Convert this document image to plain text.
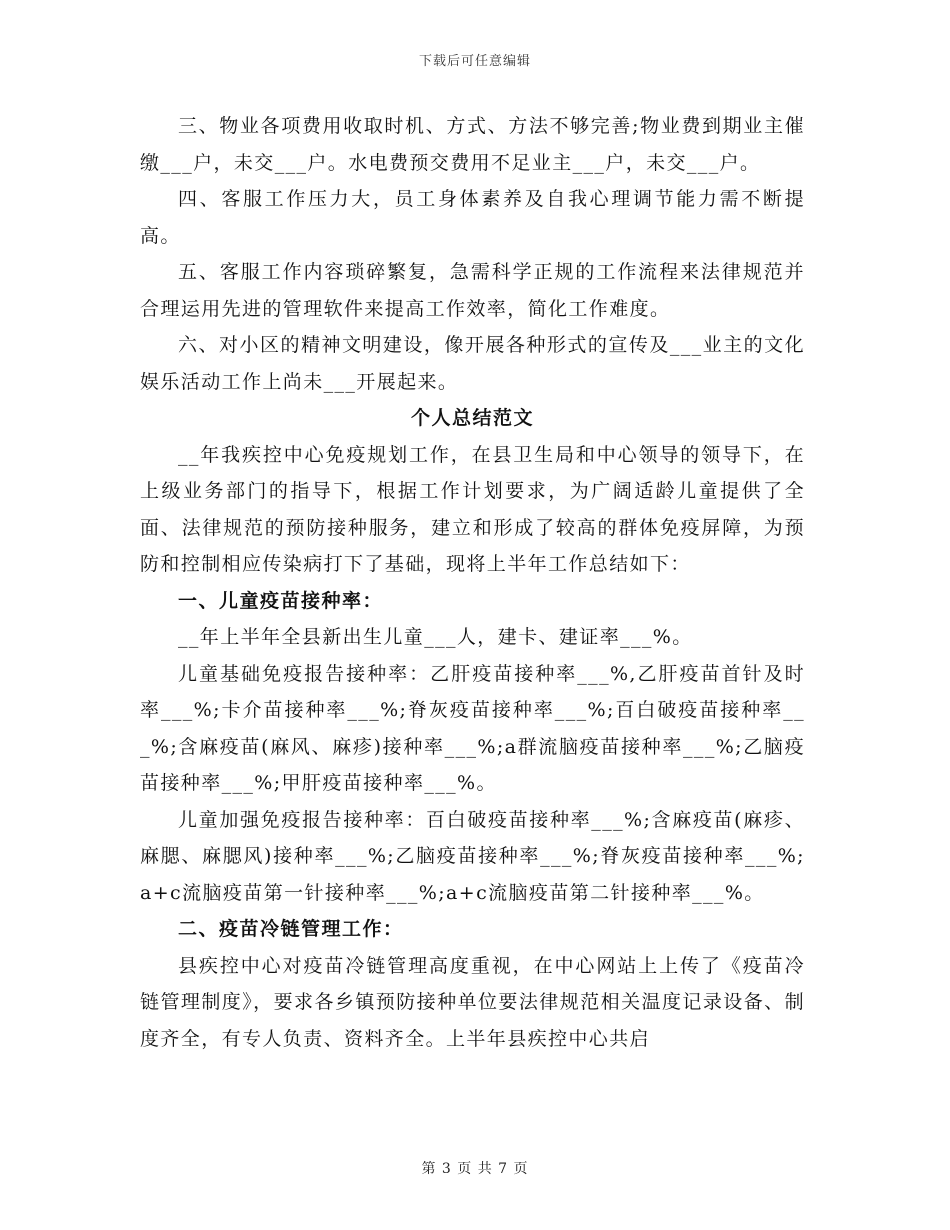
下载后可任意编辑

三、物业各项费用收取时机、方式、方法不够完善;物业费到期业主催缴___户，未交___户。水电费预交费用不足业主___户，未交___户。

四、客服工作压力大，员工身体素养及自我心理调节能力需不断提高。

五、客服工作内容琐碎繁复，急需科学正规的工作流程来法律规范并合理运用先进的管理软件来提高工作效率，简化工作难度。

六、对小区的精神文明建设，像开展各种形式的宣传及___业主的文化娱乐活动工作上尚未___开展起来。

个人总结范文

__年我疾控中心免疫规划工作，在县卫生局和中心领导的领导下，在上级业务部门的指导下，根据工作计划要求，为广阔适龄儿童提供了全面、法律规范的预防接种服务，建立和形成了较高的群体免疫屏障，为预防和控制相应传染病打下了基础，现将上半年工作总结如下：

一、儿童疫苗接种率：

__年上半年全县新出生儿童___人，建卡、建证率___%。

儿童基础免疫报告接种率：乙肝疫苗接种率___%,乙肝疫苗首针及时率___%;卡介苗接种率___%;脊灰疫苗接种率___%;百白破疫苗接种率___%;含麻疫苗(麻风、麻疹)接种率___%;a群流脑疫苗接种率___%;乙脑疫苗接种率___%;甲肝疫苗接种率___%。

儿童加强免疫报告接种率：百白破疫苗接种率___%;含麻疫苗(麻疹、麻腮、麻腮风)接种率___%;乙脑疫苗接种率___%;脊灰疫苗接种率___%;a+c流脑疫苗第一针接种率___%;a+c流脑疫苗第二针接种率___%。

二、疫苗冷链管理工作：

县疾控中心对疫苗冷链管理高度重视，在中心网站上上传了《疫苗冷链管理制度》，要求各乡镇预防接种单位要法律规范相关温度记录设备、制度齐全，有专人负责、资料齐全。上半年县疾控中心共启

第 3 页 共 7 页
